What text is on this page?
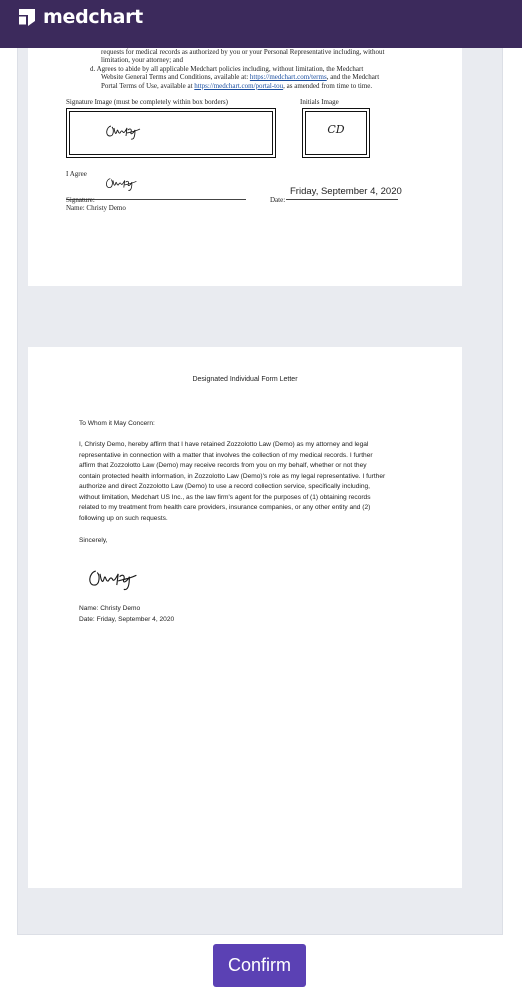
medchart
requests for medical records as authorized by you or your Personal Representative including, without
limitation, your attorney; and
d. Agrees to abide by all applicable Medchart policies including, without limitation, the Medchart
Website General Terms and Conditions, available at: https://medchart.com/terms, and the Medchart
Portal Terms of Use, available at https://medchart.com/portal-tou, as amended from time to time.
Signature Image (must be completely within box borders)	Initials Image
CD
I Agree
Signature:	Date:
Friday, September 4, 2020
Name: Christy Demo
Designated Individual Form Letter
To Whom it May Concern:
I, Christy Demo, hereby affirm that I have retained Zozzolotto Law (Demo) as my attorney and legal
representative in connection with a matter that involves the collection of my medical records. I further
affirm that Zozzolotto Law (Demo) may receive records from you on my behalf, whether or not they
contain protected health information, in Zozzolotto Law (Demo)'s role as my legal representative. I further
authorize and direct Zozzolotto Law (Demo) to use a record collection service, specifically including,
without limitation, Medchart US Inc., as the law firm's agent for the purposes of (1) obtaining records
related to my treatment from health care providers, insurance companies, or any other entity and (2)
following up on such requests.
Sincerely,
Name: Christy Demo
Date: Friday, September 4, 2020
Confirm
